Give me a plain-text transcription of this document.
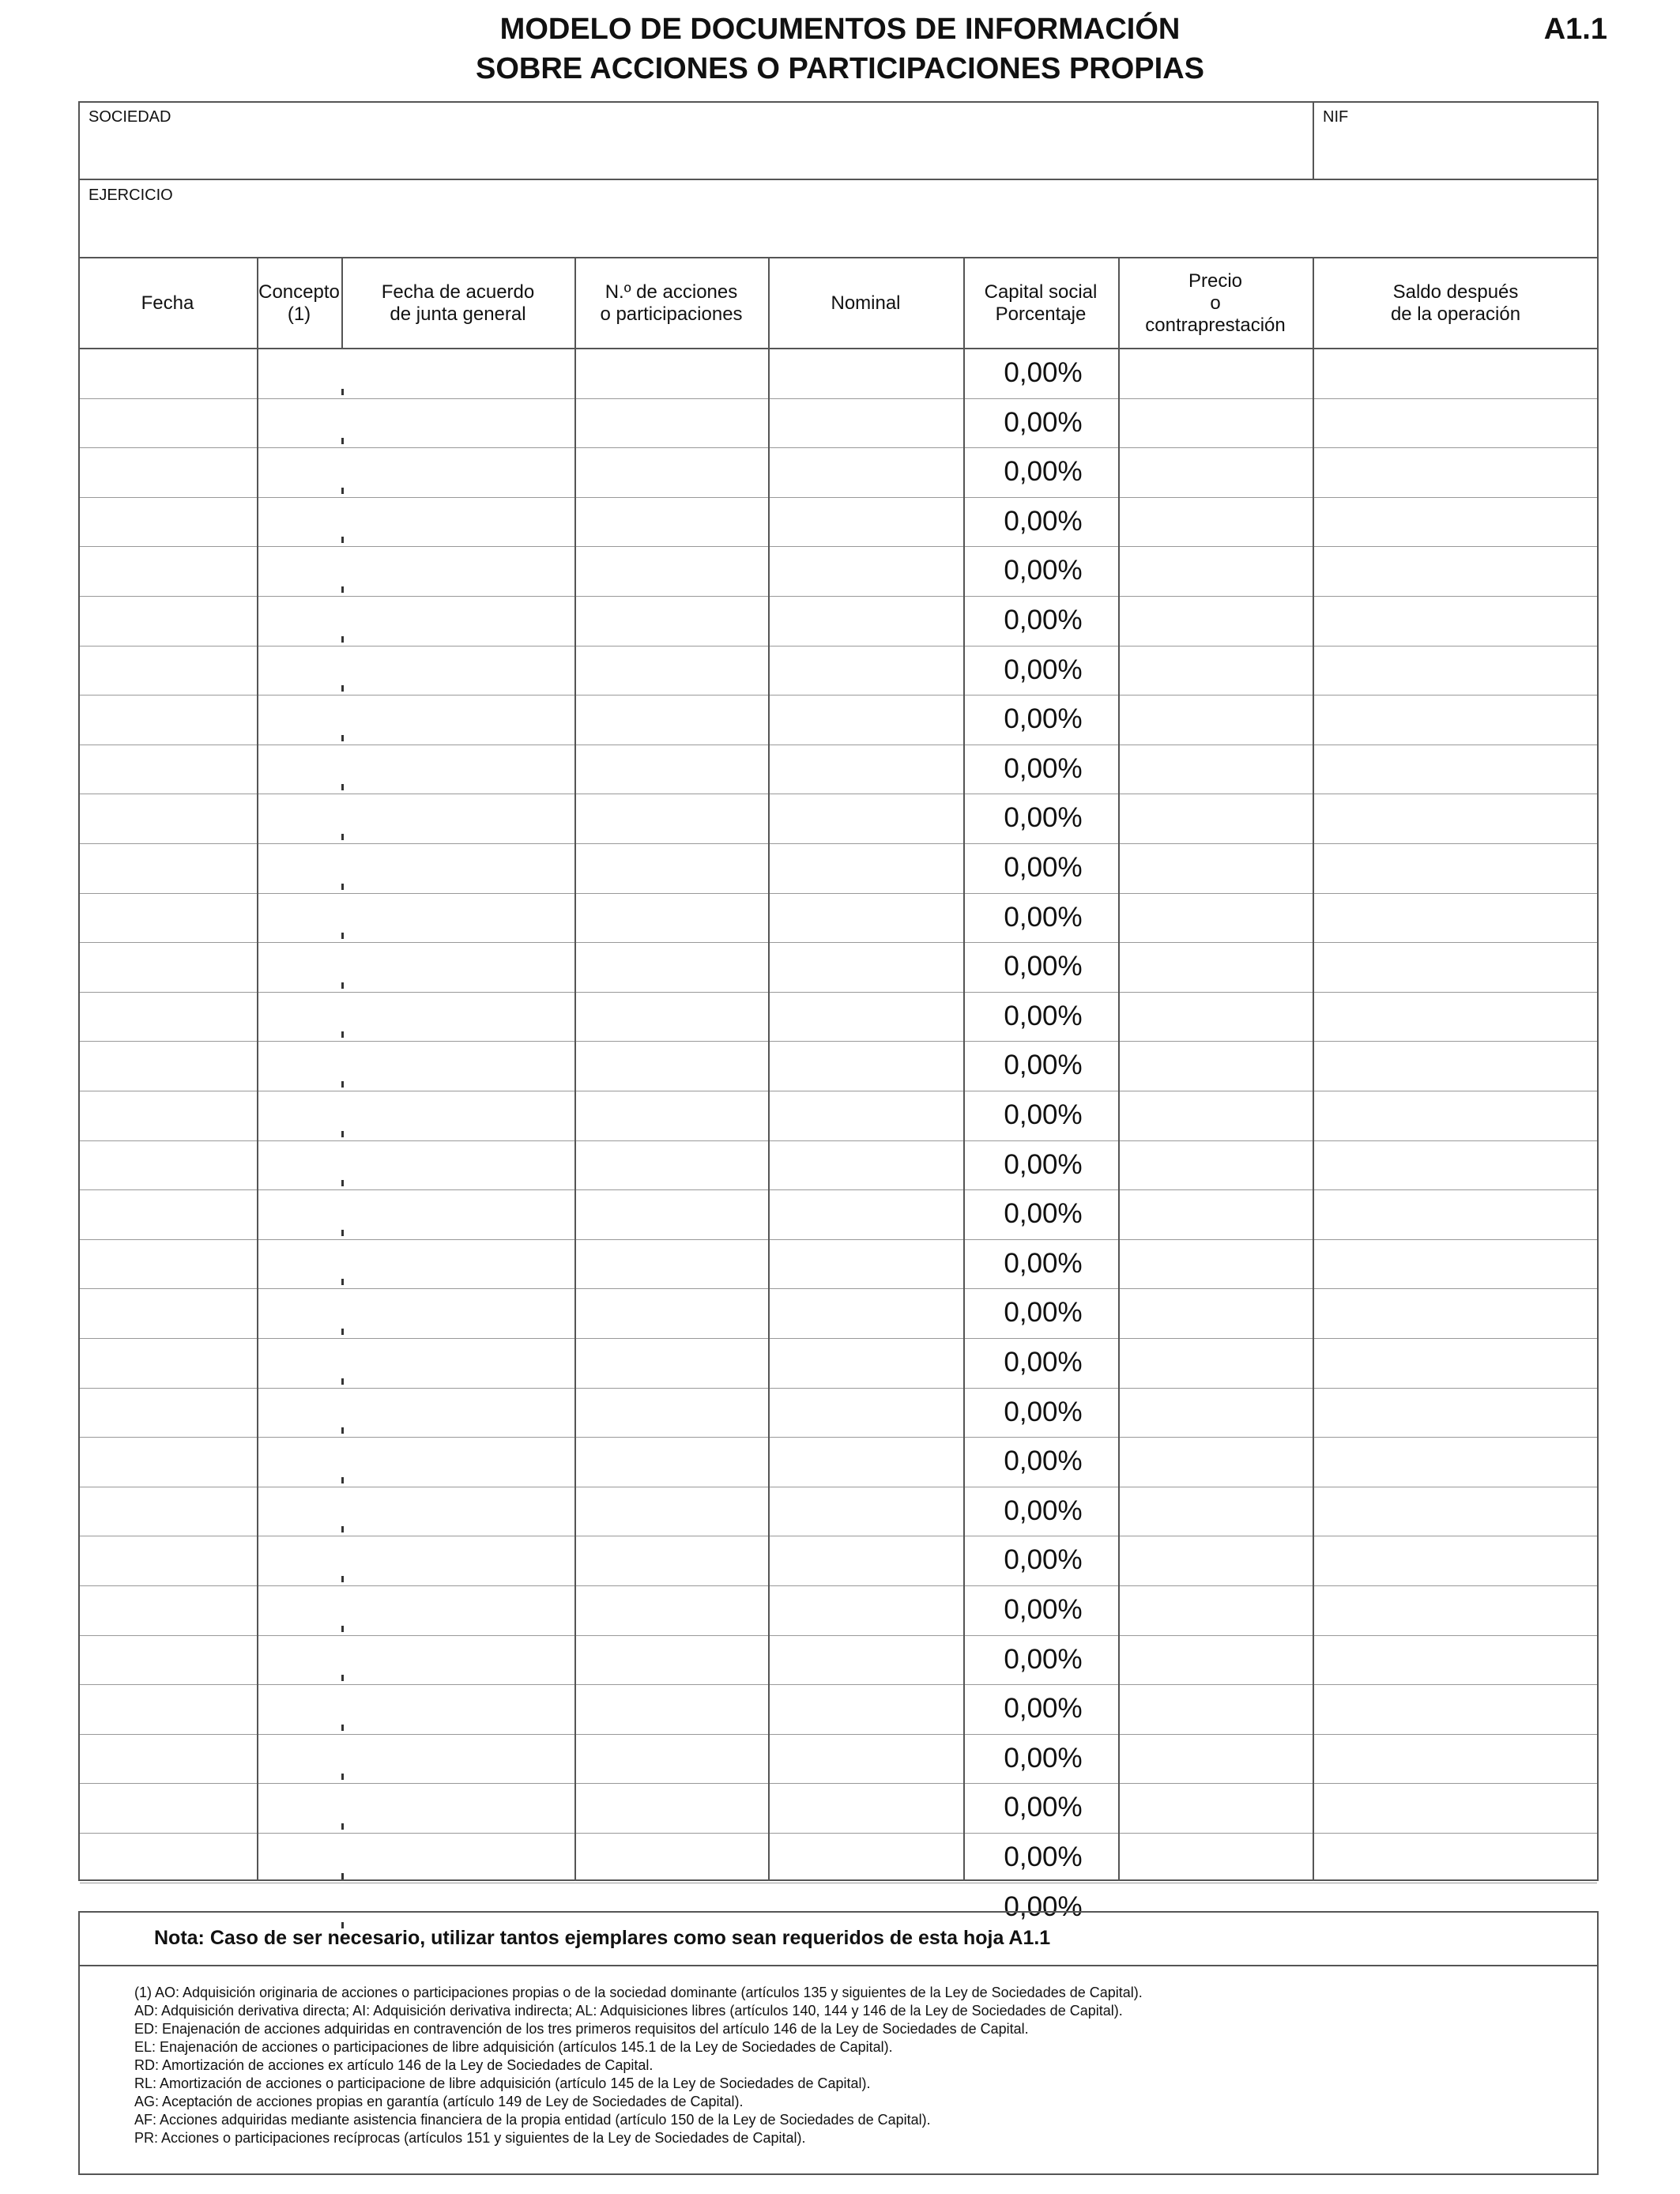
MODELO DE DOCUMENTOS DE INFORMACIÓN
SOBRE ACCIONES O PARTICIPACIONES PROPIAS
A1.1
SOCIEDAD	NIF
EJERCICIO
Fecha
Concepto
(1)
Fecha de acuerdo
de junta general
N.º de acciones
o participaciones
Nominal
Capital social
Porcentaje
Precio
o
contraprestación
Saldo después
de la operación
0,00%
0,00%
0,00%
0,00%
0,00%
0,00%
0,00%
0,00%
0,00%
0,00%
0,00%
0,00%
0,00%
0,00%
0,00%
0,00%
0,00%
0,00%
0,00%
0,00%
0,00%
0,00%
0,00%
0,00%
0,00%
0,00%
0,00%
0,00%
0,00%
0,00%
0,00%
0,00%
Nota: Caso de ser necesario, utilizar tantos ejemplares como sean requeridos de esta hoja A1.1
(1) AO: Adquisición originaria de acciones o participaciones propias o de la sociedad dominante (artículos 135 y siguientes de la Ley de Sociedades de Capital).
AD: Adquisición derivativa directa; AI: Adquisición derivativa indirecta; AL: Adquisiciones libres (artículos 140, 144 y 146 de la Ley de Sociedades de Capital).
ED: Enajenación de acciones adquiridas en contravención de los tres primeros requisitos del artículo 146 de la Ley de Sociedades de Capital.
EL: Enajenación de acciones o participaciones de libre adquisición (artículos 145.1 de la Ley de Sociedades de Capital).
RD: Amortización de acciones ex artículo 146 de la Ley de Sociedades de Capital.
RL: Amortización de acciones o participacione de libre adquisición (artículo 145 de la Ley de Sociedades de Capital).
AG: Aceptación de acciones propias en garantía (artículo 149 de Ley de Sociedades de Capital).
AF: Acciones adquiridas mediante asistencia financiera de la propia entidad (artículo 150 de la Ley de Sociedades de Capital).
PR: Acciones o participaciones recíprocas (artículos 151 y siguientes de la Ley de Sociedades de Capital).
